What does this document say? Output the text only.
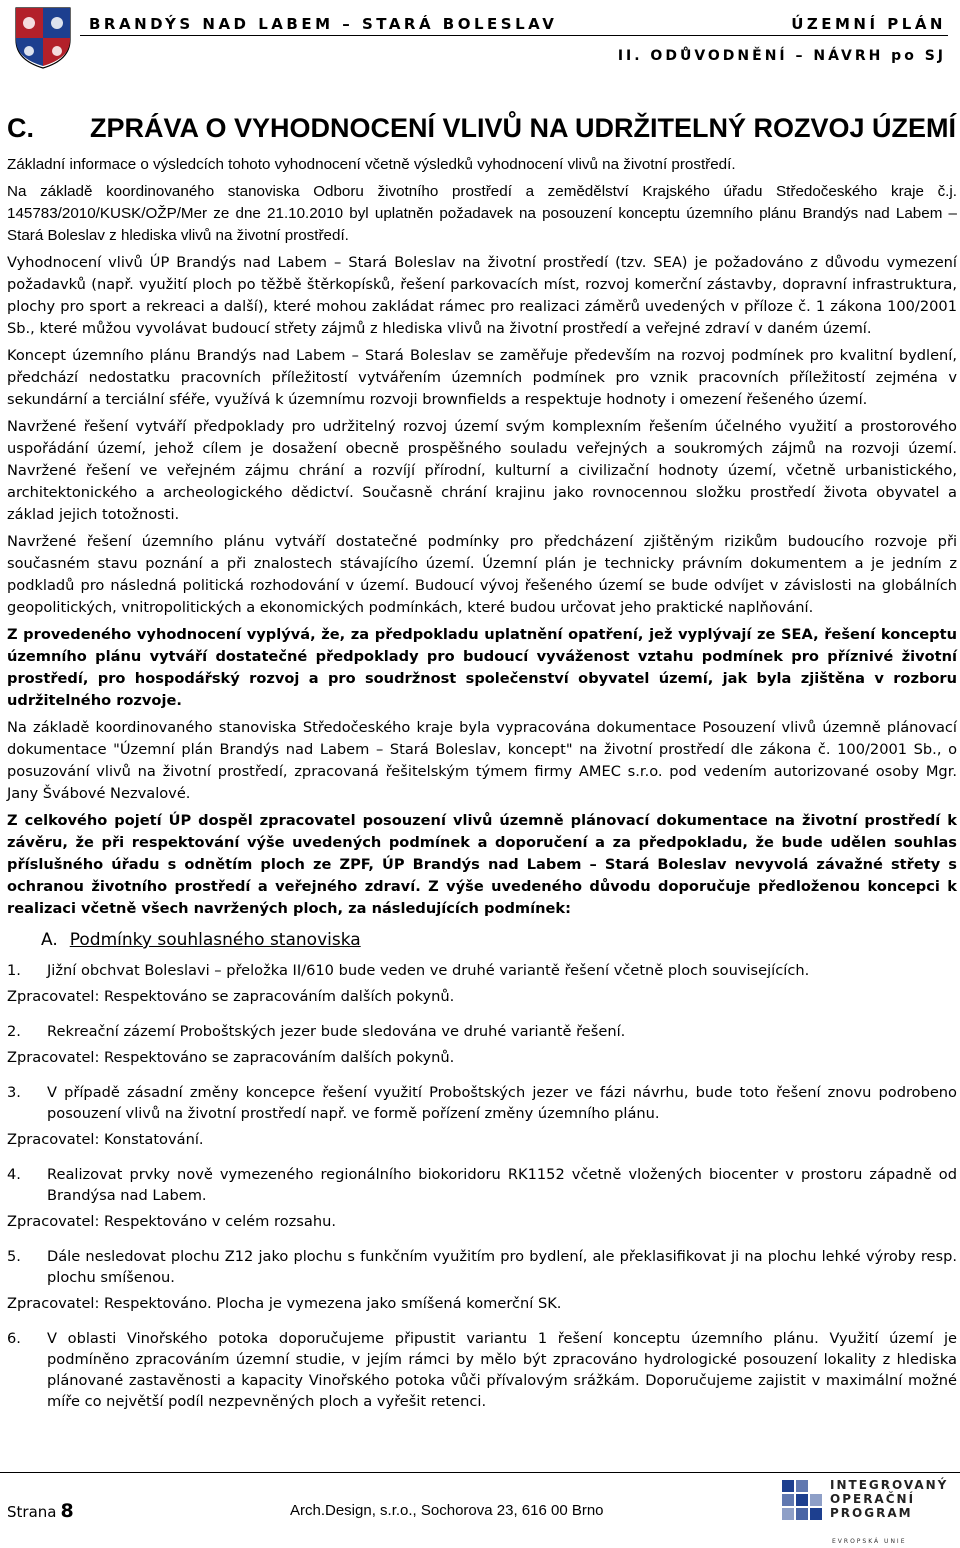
BRANDÝS NAD LABEM – STARÁ BOLESLAV	ÚZEMNÍ PLÁN
II. ODŮVODNĚNÍ – NÁVRH po SJ
C. ZPRÁVA O VYHODNOCENÍ VLIVŮ NA UDRŽITELNÝ ROZVOJ ÚZEMÍ

Základní informace o výsledcích tohoto vyhodnocení včetně výsledků vyhodnocení vlivů na životní prostředí.

Na základě koordinovaného stanoviska Odboru životního prostředí a zemědělství Krajského úřadu Středočeského kraje č.j. 145783/2010/KUSK/OŽP/Mer ze dne 21.10.2010 byl uplatněn požadavek na posouzení konceptu územního plánu Brandýs nad Labem – Stará Boleslav z hlediska vlivů na životní prostředí.

Vyhodnocení vlivů ÚP Brandýs nad Labem – Stará Boleslav na životní prostředí (tzv. SEA) je požadováno z důvodu vymezení požadavků (např. využití ploch po těžbě štěrkopísků, řešení parkovacích míst, rozvoj komerční zástavby, dopravní infrastruktura, plochy pro sport a rekreaci a další), které mohou zakládat rámec pro realizaci záměrů uvedených v příloze č. 1 zákona 100/2001 Sb., které můžou vyvolávat budoucí střety zájmů z hlediska vlivů na životní prostředí a veřejné zdraví v daném území.

Koncept územního plánu Brandýs nad Labem – Stará Boleslav se zaměřuje především na rozvoj podmínek pro kvalitní bydlení, předchází nedostatku pracovních příležitostí vytvářením územních podmínek pro vznik pracovních příležitostí zejména v sekundární a terciální sféře, využívá k územnímu rozvoji brownfields a respektuje hodnoty i omezení řešeného území.

Navržené řešení vytváří předpoklady pro udržitelný rozvoj území svým komplexním řešením účelného využití a prostorového uspořádání území, jehož cílem je dosažení obecně prospěšného souladu veřejných a soukromých zájmů na rozvoji území. Navržené řešení ve veřejném zájmu chrání a rozvíjí přírodní, kulturní a civilizační hodnoty území, včetně urbanistického, architektonického a archeologického dědictví. Současně chrání krajinu jako rovnocennou složku prostředí života obyvatel a základ jejich totožnosti.

Navržené řešení územního plánu vytváří dostatečné podmínky pro předcházení zjištěným rizikům budoucího rozvoje při současném stavu poznání a při znalostech stávajícího území. Územní plán je technicky právním dokumentem a je jedním z podkladů pro následná politická rozhodování v území. Budoucí vývoj řešeného území se bude odvíjet v závislosti na globálních geopolitických, vnitropolitických a ekonomických podmínkách, které budou určovat jeho praktické naplňování.

Z provedeného vyhodnocení vyplývá, že, za předpokladu uplatnění opatření, jež vyplývají ze SEA, řešení konceptu územního plánu vytváří dostatečné předpoklady pro budoucí vyváženost vztahu podmínek pro příznivé životní prostředí, pro hospodářský rozvoj a pro soudržnost společenství obyvatel území, jak byla zjištěna v rozboru udržitelného rozvoje.

Na základě koordinovaného stanoviska Středočeského kraje byla vypracována dokumentace Posouzení vlivů územně plánovací dokumentace "Územní plán Brandýs nad Labem – Stará Boleslav, koncept" na životní prostředí dle zákona č. 100/2001 Sb., o posuzování vlivů na životní prostředí, zpracovaná řešitelským týmem firmy AMEC s.r.o. pod vedením autorizované osoby Mgr. Jany Švábové Nezvalové.

Z celkového pojetí ÚP dospěl zpracovatel posouzení vlivů územně plánovací dokumentace na životní prostředí k závěru, že při respektování výše uvedených podmínek a doporučení a za předpokladu, že bude udělen souhlas příslušného úřadu s odnětím ploch ze ZPF, ÚP Brandýs nad Labem – Stará Boleslav nevyvolá závažné střety s ochranou životního prostředí a veřejného zdraví. Z výše uvedeného důvodu doporučuje předloženou koncepci k realizaci včetně všech navržených ploch, za následujících podmínek:

A. Podmínky souhlasného stanoviska
1.	Jižní obchvat Boleslavi – přeložka II/610 bude veden ve druhé variantě řešení včetně ploch souvisejících.
Zpracovatel: Respektováno se zapracováním dalších pokynů.
2.	Rekreační zázemí Proboštských jezer bude sledována ve druhé variantě řešení.
Zpracovatel: Respektováno se zapracováním dalších pokynů.
3.	V případě zásadní změny koncepce řešení využití Proboštských jezer ve fázi návrhu, bude toto řešení znovu podrobeno posouzení vlivů na životní prostředí např. ve formě pořízení změny územního plánu.
Zpracovatel: Konstatování.
4.	Realizovat prvky nově vymezeného regionálního biokoridoru RK1152 včetně vložených biocenter v prostoru západně od Brandýsa nad Labem.
Zpracovatel: Respektováno v celém rozsahu.
5.	Dále nesledovat plochu Z12 jako plochu s funkčním využitím pro bydlení, ale překlasifikovat ji na plochu lehké výroby resp. plochu smíšenou.
Zpracovatel: Respektováno. Plocha je vymezena jako smíšená komerční SK.
6.	V oblasti Vinořského potoka doporučujeme připustit variantu 1 řešení konceptu územního plánu. Využití území je podmíněno zpracováním územní studie, v jejím rámci by mělo být zpracováno hydrologické posouzení lokality z hlediska plánované zastavěnosti a kapacity Vinořského potoka vůči přívalovým srážkám. Doporučujeme zajistit v maximální možné míře co největší podíl nezpevněných ploch a vyřešit retenci.
Strana 8	Arch.Design, s.r.o., Sochorova 23, 616 00 Brno
INTEGROVANÝ
OPERAČNÍ
PROGRAM
EVROPSKÁ UNIE
